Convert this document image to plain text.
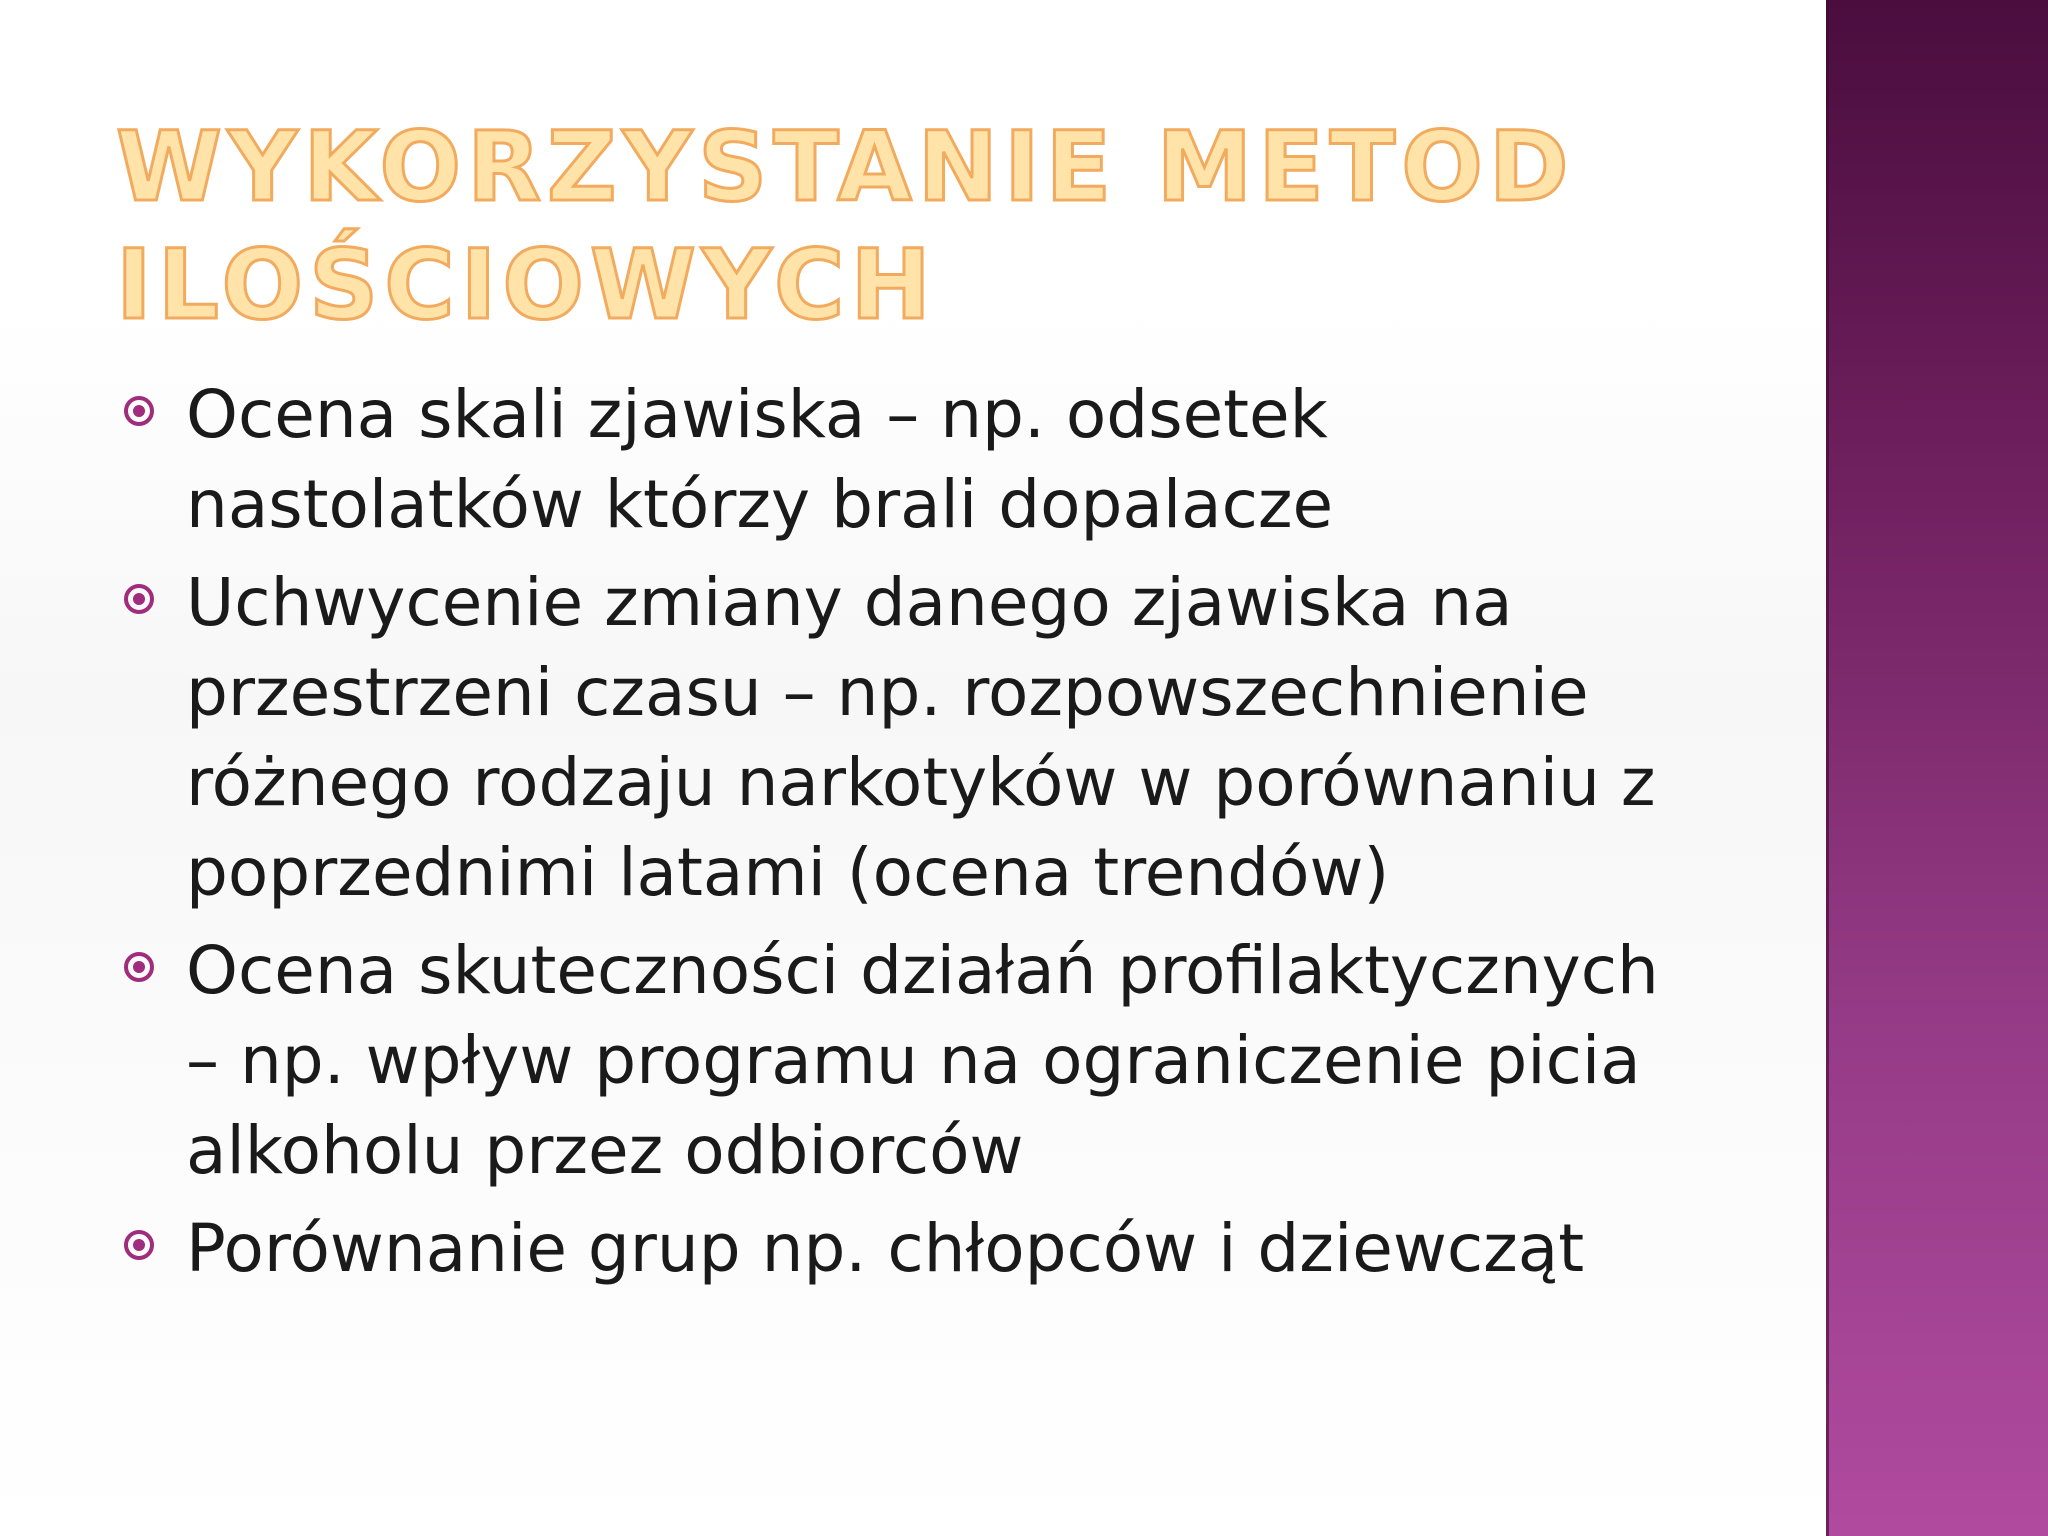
WYKORZYSTANIE METOD ILOŚCIOWYCH
Ocena skali zjawiska – np. odsetek nastolatków którzy brali dopalacze
Uchwycenie zmiany danego zjawiska na przestrzeni czasu – np. rozpowszechnienie różnego rodzaju narkotyków w porównaniu z poprzednimi latami (ocena trendów)
Ocena skuteczności działań profilaktycznych – np. wpływ programu na ograniczenie picia alkoholu przez odbiorców
Porównanie grup np. chłopców i dziewcząt
